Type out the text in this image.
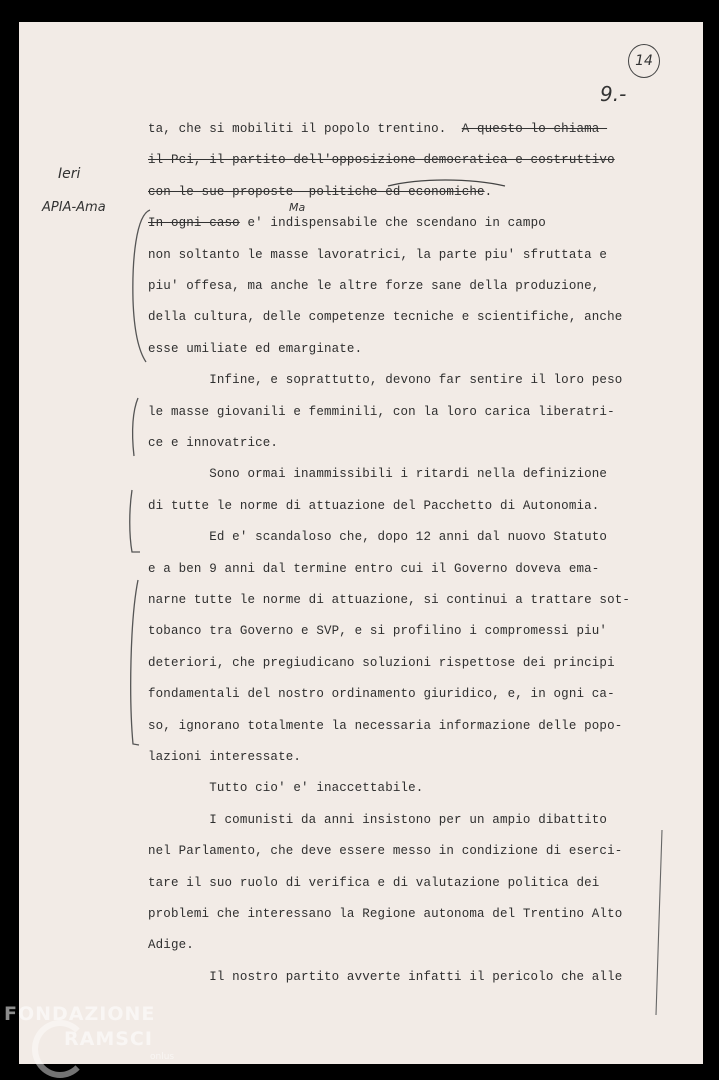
14
9.-
Ieri
APIA-Ama	Ma
ta, che si mobiliti il popolo trentino.  A questo lo chiama-
il Pci, il partito dell'opposizione democratica e costruttivo
con le sue proposte  politiche ed economiche.
In ogni caso e' indispensabile che scendano in campo
non soltanto le masse lavoratrici, la parte piu' sfruttata e
piu' offesa, ma anche le altre forze sane della produzione,
della cultura, delle competenze tecniche e scientifiche, anche
esse umiliate ed emarginate.
Infine, e soprattutto, devono far sentire il loro peso
le masse giovanili e femminili, con la loro carica liberatri-
ce e innovatrice.
Sono ormai inammissibili i ritardi nella definizione
di tutte le norme di attuazione del Pacchetto di Autonomia.
Ed e' scandaloso che, dopo 12 anni dal nuovo Statuto
e a ben 9 anni dal termine entro cui il Governo doveva ema-
narne tutte le norme di attuazione, si continui a trattare sot-
tobanco tra Governo e SVP, e si profilino i compromessi piu'
deteriori, che pregiudicano soluzioni rispettose dei principi
fondamentali del nostro ordinamento giuridico, e, in ogni ca-
so, ignorano totalmente la necessaria informazione delle popo-
lazioni interessate.
Tutto cio' e' inaccettabile.
I comunisti da anni insistono per un ampio dibattito
nel Parlamento, che deve essere messo in condizione di eserci-
tare il suo ruolo di verifica e di valutazione politica dei
problemi che interessano la Regione autonoma del Trentino Alto
Adige.
Il nostro partito avverte infatti il pericolo che alle
FONDAZIONE
RAMSCI
onlus
